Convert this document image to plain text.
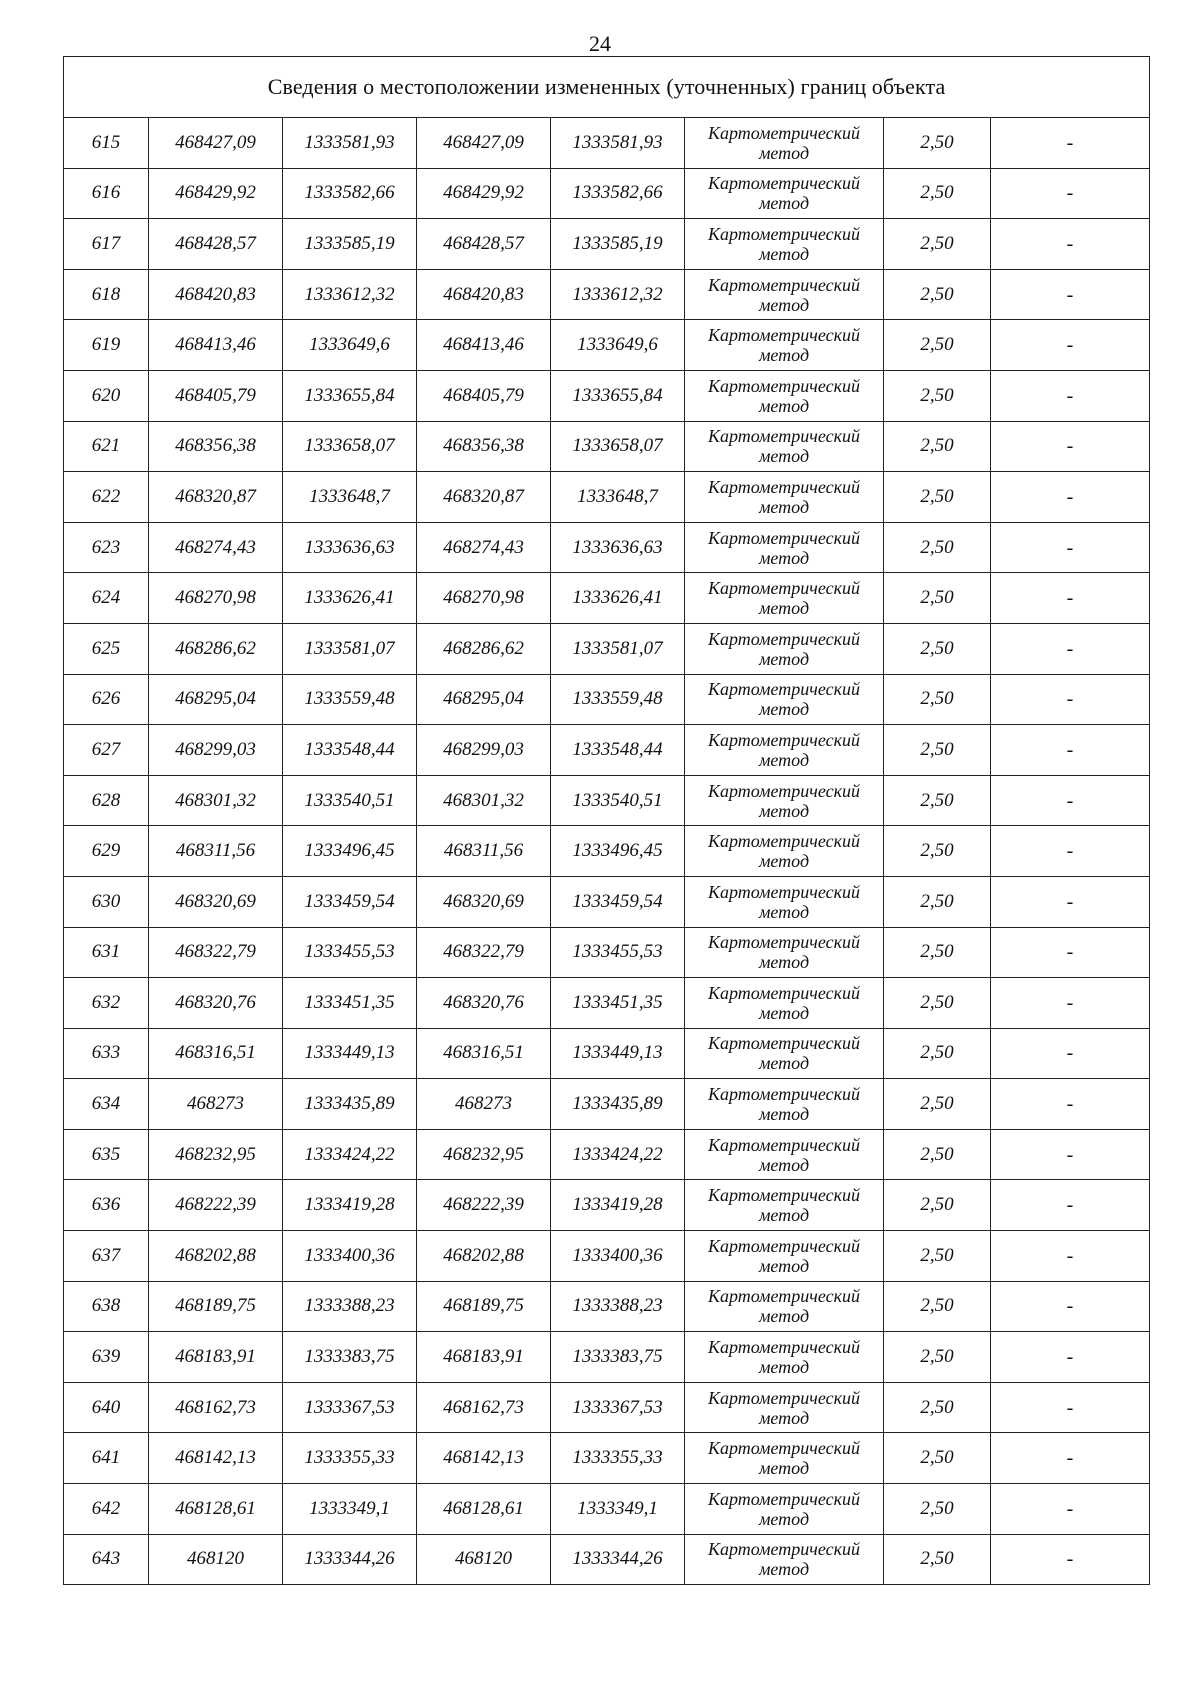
24
Сведения о местоположении измененных (уточненных) границ объекта							
615	468427,09	1333581,93	468427,09	1333581,93	Картометрический метод	2,50	-
616	468429,92	1333582,66	468429,92	1333582,66	Картометрический метод	2,50	-
617	468428,57	1333585,19	468428,57	1333585,19	Картометрический метод	2,50	-
618	468420,83	1333612,32	468420,83	1333612,32	Картометрический метод	2,50	-
619	468413,46	1333649,6	468413,46	1333649,6	Картометрический метод	2,50	-
620	468405,79	1333655,84	468405,79	1333655,84	Картометрический метод	2,50	-
621	468356,38	1333658,07	468356,38	1333658,07	Картометрический метод	2,50	-
622	468320,87	1333648,7	468320,87	1333648,7	Картометрический метод	2,50	-
623	468274,43	1333636,63	468274,43	1333636,63	Картометрический метод	2,50	-
624	468270,98	1333626,41	468270,98	1333626,41	Картометрический метод	2,50	-
625	468286,62	1333581,07	468286,62	1333581,07	Картометрический метод	2,50	-
626	468295,04	1333559,48	468295,04	1333559,48	Картометрический метод	2,50	-
627	468299,03	1333548,44	468299,03	1333548,44	Картометрический метод	2,50	-
628	468301,32	1333540,51	468301,32	1333540,51	Картометрический метод	2,50	-
629	468311,56	1333496,45	468311,56	1333496,45	Картометрический метод	2,50	-
630	468320,69	1333459,54	468320,69	1333459,54	Картометрический метод	2,50	-
631	468322,79	1333455,53	468322,79	1333455,53	Картометрический метод	2,50	-
632	468320,76	1333451,35	468320,76	1333451,35	Картометрический метод	2,50	-
633	468316,51	1333449,13	468316,51	1333449,13	Картометрический метод	2,50	-
634	468273	1333435,89	468273	1333435,89	Картометрический метод	2,50	-
635	468232,95	1333424,22	468232,95	1333424,22	Картометрический метод	2,50	-
636	468222,39	1333419,28	468222,39	1333419,28	Картометрический метод	2,50	-
637	468202,88	1333400,36	468202,88	1333400,36	Картометрический метод	2,50	-
638	468189,75	1333388,23	468189,75	1333388,23	Картометрический метод	2,50	-
639	468183,91	1333383,75	468183,91	1333383,75	Картометрический метод	2,50	-
640	468162,73	1333367,53	468162,73	1333367,53	Картометрический метод	2,50	-
641	468142,13	1333355,33	468142,13	1333355,33	Картометрический метод	2,50	-
642	468128,61	1333349,1	468128,61	1333349,1	Картометрический метод	2,50	-
643	468120	1333344,26	468120	1333344,26	Картометрический метод	2,50	-
